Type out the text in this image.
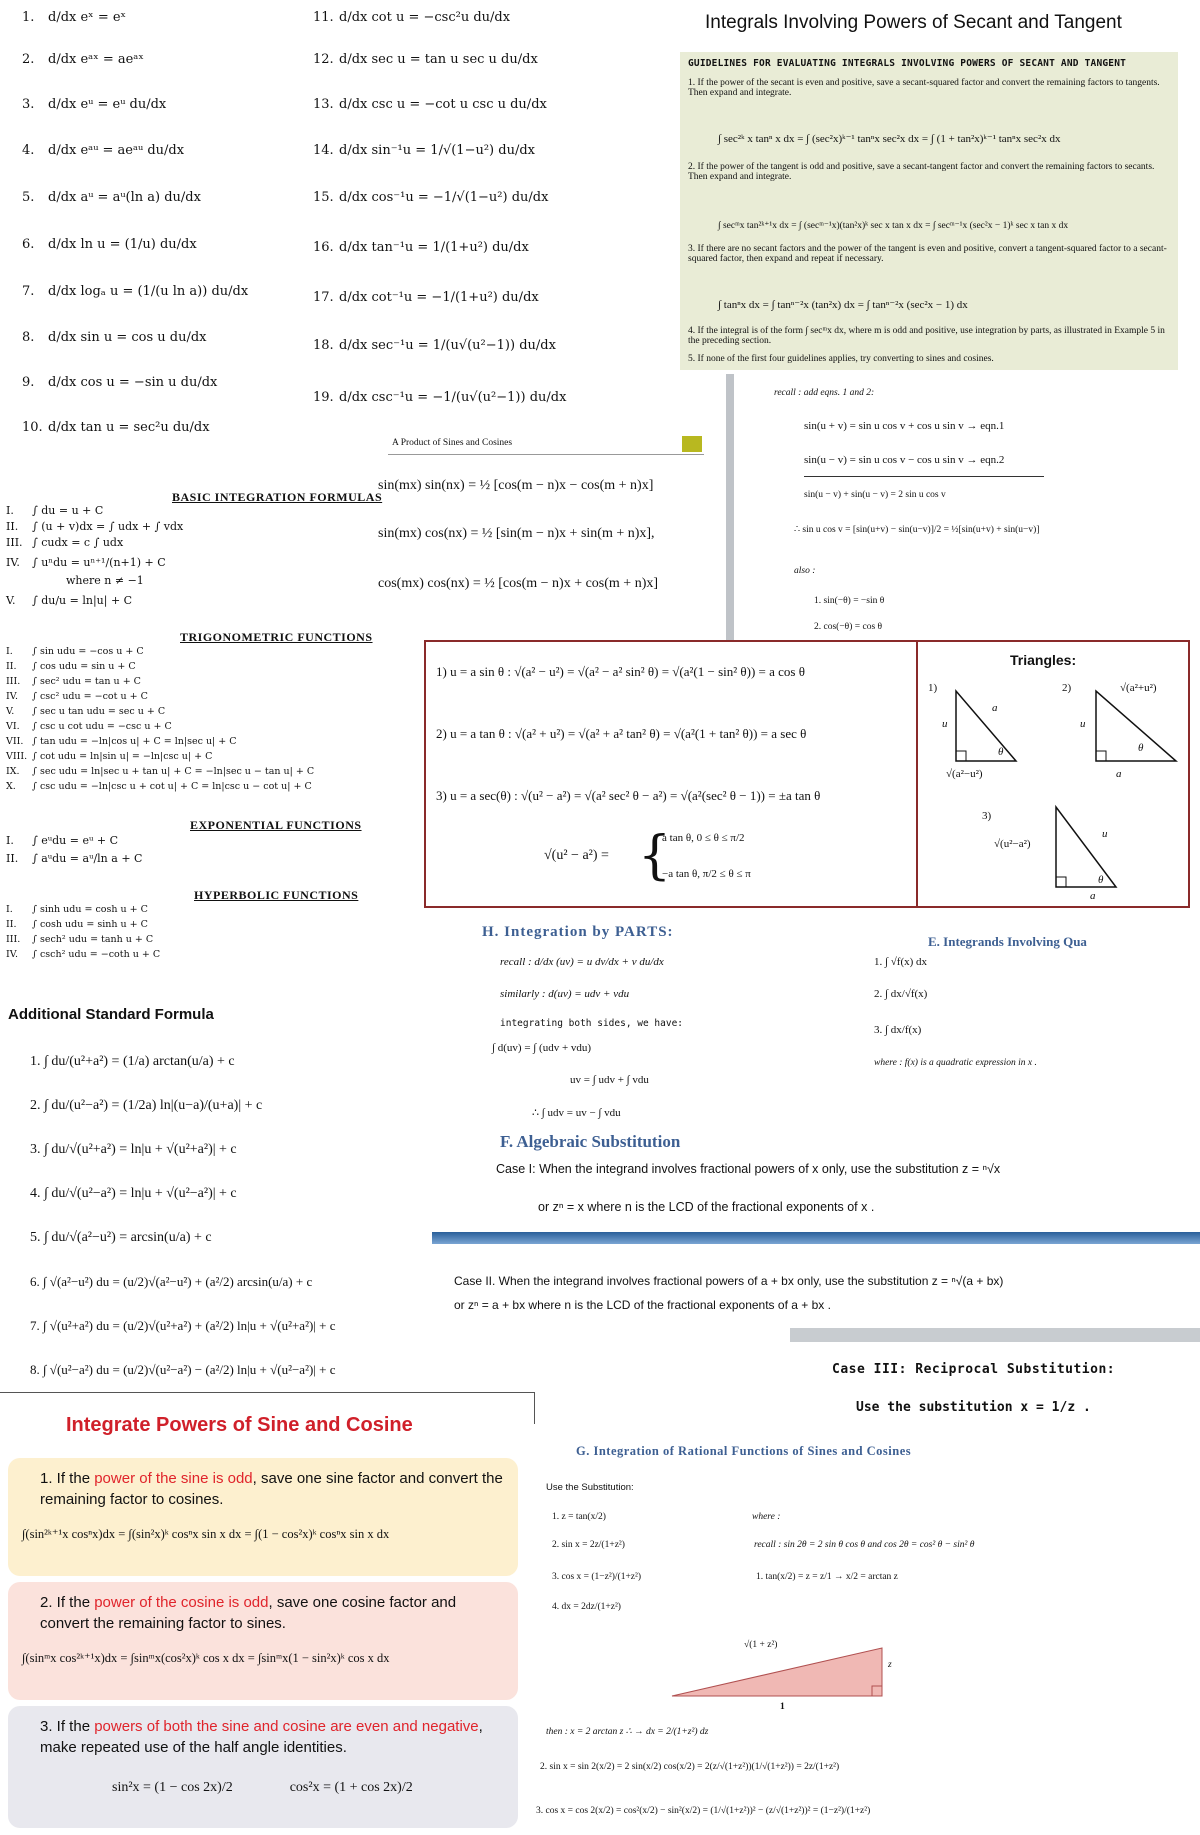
1. d/dx eˣ = eˣ
2. d/dx eᵃˣ = aeᵃˣ
3. d/dx eᵘ = eᵘ du/dx
4. d/dx eᵃᵘ = aeᵃᵘ du/dx
5. d/dx aᵘ = aᵘ(ln a) du/dx
6. d/dx ln u = (1/u) du/dx
7. d/dx logₐ u = (1/(u ln a)) du/dx
8. d/dx sin u = cos u du/dx
9. d/dx cos u = −sin u du/dx
10. d/dx tan u = sec²u du/dx
11. d/dx cot u = −csc²u du/dx
12. d/dx sec u = tan u sec u du/dx
13. d/dx csc u = −cot u csc u du/dx
14. d/dx sin⁻¹u = 1/√(1−u²) du/dx
15. d/dx cos⁻¹u = −1/√(1−u²) du/dx
16. d/dx tan⁻¹u = 1/(1+u²) du/dx
17. d/dx cot⁻¹u = −1/(1+u²) du/dx
18. d/dx sec⁻¹u = 1/(u√(u²−1)) du/dx
19. d/dx csc⁻¹u = −1/(u√(u²−1)) du/dx
Integrals Involving Powers of Secant and Tangent
GUIDELINES FOR EVALUATING INTEGRALS INVOLVING POWERS OF SECANT AND TANGENT
1. If the power of the secant is even and positive, save a secant-squared factor and convert the remaining factors to tangents. Then expand and integrate.
∫ sec²ᵏ x tanⁿ x dx = ∫ (sec²x)ᵏ⁻¹ tanⁿx sec²x dx = ∫ (1 + tan²x)ᵏ⁻¹ tanⁿx sec²x dx
2. If the power of the tangent is odd and positive, save a secant-tangent factor and convert the remaining factors to secants. Then expand and integrate.
∫ secᵐx tan²ᵏ⁺¹x dx = ∫ (secᵐ⁻¹x)(tan²x)ᵏ sec x tan x dx = ∫ secᵐ⁻¹x (sec²x − 1)ᵏ sec x tan x dx
3. If there are no secant factors and the power of the tangent is even and positive, convert a tangent-squared factor to a secant-squared factor, then expand and repeat if necessary.
∫ tanⁿx dx = ∫ tanⁿ⁻²x (tan²x) dx = ∫ tanⁿ⁻²x (sec²x − 1) dx
4. If the integral is of the form ∫ secᵐx dx, where m is odd and positive, use integration by parts, as illustrated in Example 5 in the preceding section.
5. If none of the first four guidelines applies, try converting to sines and cosines.
recall : add eqns. 1 and 2:
sin(u + v) = sin u cos v + cos u sin v → eqn.1
sin(u − v) = sin u cos v − cos u sin v → eqn.2
sin(u − v) + sin(u − v) = 2 sin u cos v
∴ sin u cos v = [sin(u+v) − sin(u−v)]/2 = ½[sin(u+v) + sin(u−v)]
also :
1. sin(−θ) = −sin θ
2. cos(−θ) = cos θ
A Product of Sines and Cosines
sin(mx) sin(nx) = ½ [cos(m − n)x − cos(m + n)x]
sin(mx) cos(nx) = ½ [sin(m − n)x + sin(m + n)x],
cos(mx) cos(nx) = ½ [cos(m − n)x + cos(m + n)x]
BASIC INTEGRATION FORMULAS
I. ∫ du = u + C
II. ∫ (u + v)dx = ∫ udx + ∫ vdx
III. ∫ cudx = c ∫ udx
IV. ∫ uⁿdu = uⁿ⁺¹/(n+1) + C
where n ≠ −1
V. ∫ du/u = ln|u| + C
TRIGONOMETRIC FUNCTIONS
I. ∫ sin udu = −cos u + C
II. ∫ cos udu = sin u + C
III. ∫ sec² udu = tan u + C
IV. ∫ csc² udu = −cot u + C
V. ∫ sec u tan udu = sec u + C
VI. ∫ csc u cot udu = −csc u + C
VII. ∫ tan udu = −ln|cos u| + C = ln|sec u| + C
VIII. ∫ cot udu = ln|sin u| = −ln|csc u| + C
IX. ∫ sec udu = ln|sec u + tan u| + C = −ln|sec u − tan u| + C
X. ∫ csc udu = −ln|csc u + cot u| + C = ln|csc u − cot u| + C
EXPONENTIAL FUNCTIONS
I. ∫ eᵘdu = eᵘ + C
II. ∫ aᵘdu = aᵘ/ln a + C
HYPERBOLIC FUNCTIONS
I. ∫ sinh udu = cosh u + C
II. ∫ cosh udu = sinh u + C
III. ∫ sech² udu = tanh u + C
IV. ∫ csch² udu = −coth u + C
1) u = a sin θ : √(a² − u²) = √(a² − a² sin² θ) = √(a²(1 − sin² θ)) = a cos θ
2) u = a tan θ : √(a² + u²) = √(a² + a² tan² θ) = √(a²(1 + tan² θ)) = a sec θ
3) u = a sec(θ) : √(u² − a²) = √(a² sec² θ − a²) = √(a²(sec² θ − 1)) = ±a tan θ
√(u² − a²) = {
a tan θ, 0 ≤ θ ≤ π/2
−a tan θ, π/2 ≤ θ ≤ π
Triangles:
1)
u
a
θ
√(a²−u²)
2)
u
√(a²+u²)
θ
a
3)
√(u²−a²)
u
θ
a
H. Integration by PARTS:
recall : d/dx (uv) = u dv/dx + v du/dx
similarly : d(uv) = udv + vdu
integrating both sides, we have:
∫ d(uv) = ∫ (udv + vdu)
uv = ∫ udv + ∫ vdu
∴ ∫ udv = uv − ∫ vdu
E. Integrands Involving Qua
1. ∫ √f(x) dx
2. ∫ dx/√f(x)
3. ∫ dx/f(x)
where : f(x) is a quadratic expression in x .
Additional Standard Formula
1. ∫ du/(u²+a²) = (1/a) arctan(u/a) + c
2. ∫ du/(u²−a²) = (1/2a) ln|(u−a)/(u+a)| + c
3. ∫ du/√(u²+a²) = ln|u + √(u²+a²)| + c
4. ∫ du/√(u²−a²) = ln|u + √(u²−a²)| + c
5. ∫ du/√(a²−u²) = arcsin(u/a) + c
6. ∫ √(a²−u²) du = (u/2)√(a²−u²) + (a²/2) arcsin(u/a) + c
7. ∫ √(u²+a²) du = (u/2)√(u²+a²) + (a²/2) ln|u + √(u²+a²)| + c
8. ∫ √(u²−a²) du = (u/2)√(u²−a²) − (a²/2) ln|u + √(u²−a²)| + c
F. Algebraic Substitution
Case I: When the integrand involves fractional powers of x only, use the substitution z = ⁿ√x
or zⁿ = x where n is the LCD of the fractional exponents of x .
Case II. When the integrand involves fractional powers of a + bx only, use the substitution z = ⁿ√(a + bx)
or zⁿ = a + bx where n is the LCD of the fractional exponents of a + bx .
Case III: Reciprocal Substitution:
Use the substitution x = 1/z .
Integrate Powers of Sine and Cosine
1. If the power of the sine is odd, save one sine factor and convert the remaining factor to cosines.
∫(sin²ᵏ⁺¹x cosⁿx)dx = ∫(sin²x)ᵏ cosⁿx sin x dx = ∫(1 − cos²x)ᵏ cosⁿx sin x dx
2. If the power of the cosine is odd, save one cosine factor and convert the remaining factor to sines.
∫(sinᵐx cos²ᵏ⁺¹x)dx = ∫sinᵐx(cos²x)ᵏ cos x dx = ∫sinᵐx(1 − sin²x)ᵏ cos x dx
3. If the powers of both the sine and cosine are even and negative, make repeated use of the half angle identities.
sin²x = (1 − cos 2x)/2	cos²x = (1 + cos 2x)/2
G. Integration of Rational Functions of Sines and Cosines
Use the Substitution:
1. z = tan(x/2)
2. sin x = 2z/(1+z²)
3. cos x = (1−z²)/(1+z²)
4. dx = 2dz/(1+z²)
where :
recall : sin 2θ = 2 sin θ cos θ and cos 2θ = cos² θ − sin² θ
1. tan(x/2) = z = z/1 → x/2 = arctan z
√(1 + z²)
z
1
then : x = 2 arctan z ∴ → dx = 2/(1+z²) dz
2. sin x = sin 2(x/2) = 2 sin(x/2) cos(x/2) = 2(z/√(1+z²))(1/√(1+z²)) = 2z/(1+z²)
3. cos x = cos 2(x/2) = cos²(x/2) − sin²(x/2) = (1/√(1+z²))² − (z/√(1+z²))² = (1−z²)/(1+z²)
